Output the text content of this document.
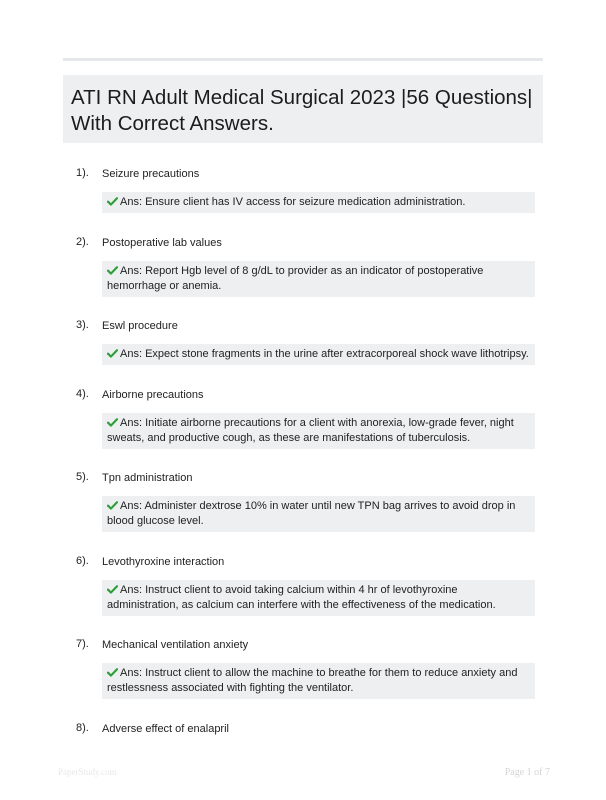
ATI RN Adult Medical Surgical 2023 |56 Questions| With Correct Answers.
1). Seizure precautions
Ans: Ensure client has IV access for seizure medication administration.
2). Postoperative lab values
Ans: Report Hgb level of 8 g/dL to provider as an indicator of postoperative hemorrhage or anemia.
3). Eswl procedure
Ans: Expect stone fragments in the urine after extracorporeal shock wave lithotripsy.
4). Airborne precautions
Ans: Initiate airborne precautions for a client with anorexia, low-grade fever, night sweats, and productive cough, as these are manifestations of tuberculosis.
5). Tpn administration
Ans: Administer dextrose 10% in water until new TPN bag arrives to avoid drop in blood glucose level.
6). Levothyroxine interaction
Ans: Instruct client to avoid taking calcium within 4 hr of levothyroxine administration, as calcium can interfere with the effectiveness of the medication.
7). Mechanical ventilation anxiety
Ans: Instruct client to allow the machine to breathe for them to reduce anxiety and restlessness associated with fighting the ventilator.
8). Adverse effect of enalapril
PaperStudy.com	Page 1 of 7
